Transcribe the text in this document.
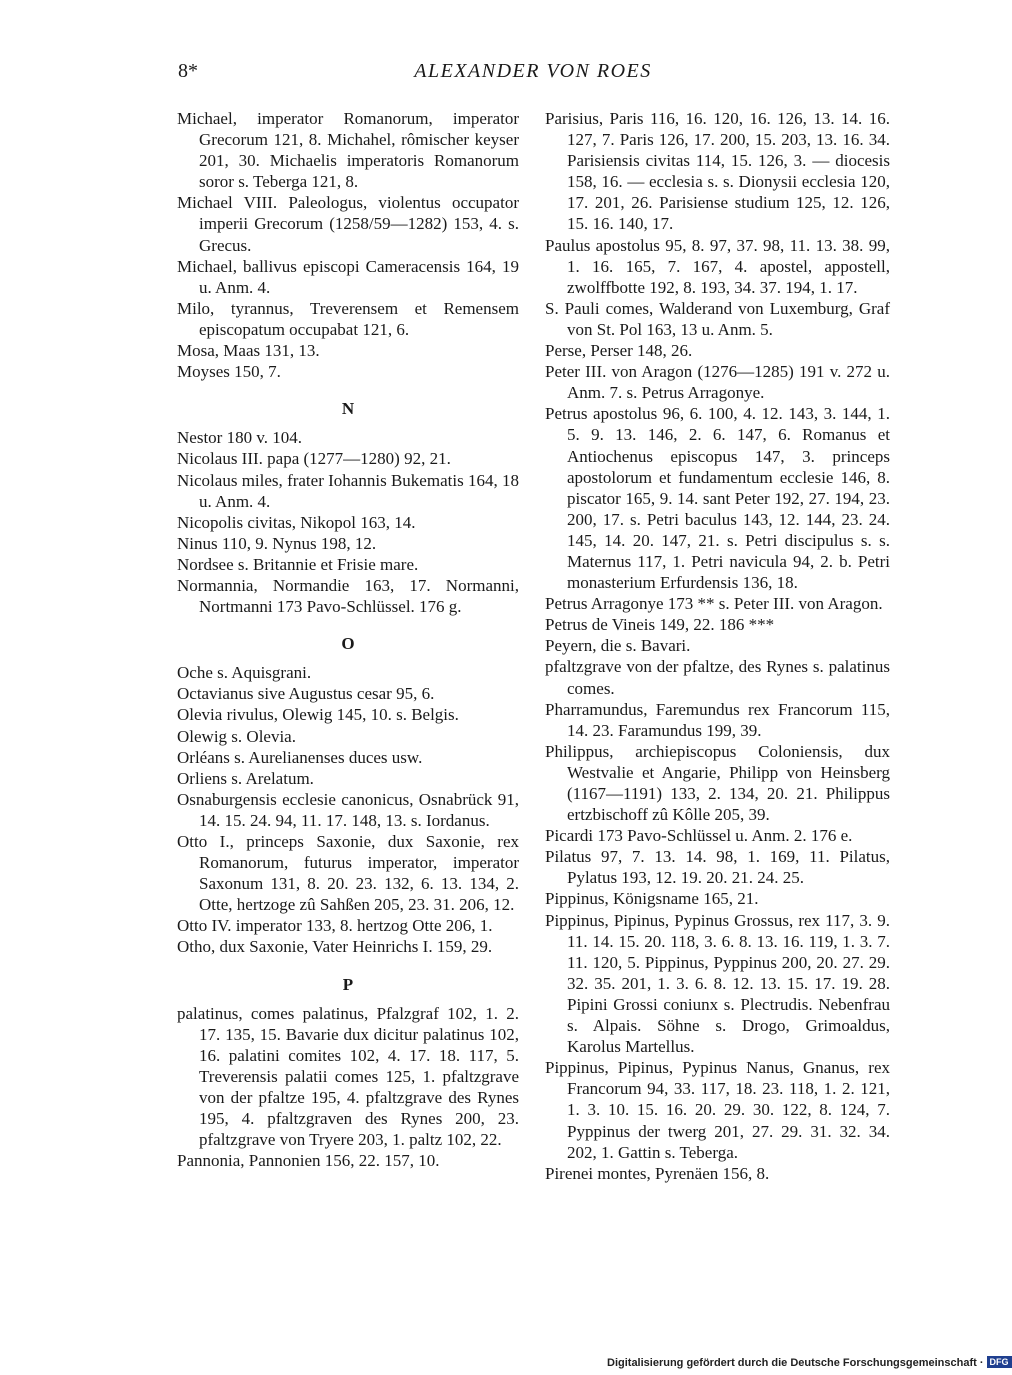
8*	ALEXANDER VON ROES
Michael, imperator Romanorum, imperator Grecorum 121, 8. Michahel, rômischer keyser 201, 30. Michaelis imperatoris Romanorum soror s. Teberga 121, 8.
Michael VIII. Paleologus, violentus occupator imperii Grecorum (1258/59—1282) 153, 4. s. Grecus.
Michael, ballivus episcopi Cameracensis 164, 19 u. Anm. 4.
Milo, tyrannus, Treverensem et Remensem episcopatum occupabat 121, 6.
Mosa, Maas 131, 13.
Moyses 150, 7.
N
Nestor 180 v. 104.
Nicolaus III. papa (1277—1280) 92, 21.
Nicolaus miles, frater Iohannis Bukematis 164, 18 u. Anm. 4.
Nicopolis civitas, Nikopol 163, 14.
Ninus 110, 9. Nynus 198, 12.
Nordsee s. Britannie et Frisie mare.
Normannia, Normandie 163, 17. Normanni, Nortmanni 173 Pavo-Schlüssel. 176 g.
O
Oche s. Aquisgrani.
Octavianus sive Augustus cesar 95, 6.
Olevia rivulus, Olewig 145, 10. s. Belgis.
Olewig s. Olevia.
Orléans s. Aurelianenses duces usw.
Orliens s. Arelatum.
Osnaburgensis ecclesie canonicus, Osnabrück 91, 14. 15. 24. 94, 11. 17. 148, 13. s. Iordanus.
Otto I., princeps Saxonie, dux Saxonie, rex Romanorum, futurus imperator, imperator Saxonum 131, 8. 20. 23. 132, 6. 13. 134, 2. Otte, hertzoge zû Sahßen 205, 23. 31. 206, 12.
Otto IV. imperator 133, 8. hertzog Otte 206, 1.
Otho, dux Saxonie, Vater Heinrichs I. 159, 29.
P
palatinus, comes palatinus, Pfalzgraf 102, 1. 2. 17. 135, 15. Bavarie dux dicitur palatinus 102, 16. palatini comites 102, 4. 17. 18. 117, 5. Treverensis palatii comes 125, 1. pfaltzgrave von der pfaltze 195, 4. pfaltzgrave des Rynes 195, 4. pfaltzgraven des Rynes 200, 23. pfaltzgrave von Tryere 203, 1. paltz 102, 22.
Pannonia, Pannonien 156, 22. 157, 10.
Parisius, Paris 116, 16. 120, 16. 126, 13. 14. 16. 127, 7. Paris 126, 17. 200, 15. 203, 13. 16. 34. Parisiensis civitas 114, 15. 126, 3. — diocesis 158, 16. — ecclesia s. s. Dionysii ecclesia 120, 17. 201, 26. Parisiense studium 125, 12. 126, 15. 16. 140, 17.
Paulus apostolus 95, 8. 97, 37. 98, 11. 13. 38. 99, 1. 16. 165, 7. 167, 4. apostel, appostell, zwolffbotte 192, 8. 193, 34. 37. 194, 1. 17.
S. Pauli comes, Walderand von Luxemburg, Graf von St. Pol 163, 13 u. Anm. 5.
Perse, Perser 148, 26.
Peter III. von Aragon (1276—1285) 191 v. 272 u. Anm. 7. s. Petrus Arragonye.
Petrus apostolus 96, 6. 100, 4. 12. 143, 3. 144, 1. 5. 9. 13. 146, 2. 6. 147, 6. Romanus et Antiochenus episcopus 147, 3. princeps apostolorum et fundamentum ecclesie 146, 8. piscator 165, 9. 14. sant Peter 192, 27. 194, 23. 200, 17. s. Petri baculus 143, 12. 144, 23. 24. 145, 14. 20. 147, 21. s. Petri discipulus s. s. Maternus 117, 1. Petri navicula 94, 2. b. Petri monasterium Erfurdensis 136, 18.
Petrus Arragonye 173 ** s. Peter III. von Aragon.
Petrus de Vineis 149, 22. 186 ***
Peyern, die s. Bavari.
pfaltzgrave von der pfaltze, des Rynes s. palatinus comes.
Pharramundus, Faremundus rex Francorum 115, 14. 23. Faramundus 199, 39.
Philippus, archiepiscopus Coloniensis, dux Westvalie et Angarie, Philipp von Heinsberg (1167—1191) 133, 2. 134, 20. 21. Philippus ertzbischoff zû Kôlle 205, 39.
Picardi 173 Pavo-Schlüssel u. Anm. 2. 176 e.
Pilatus 97, 7. 13. 14. 98, 1. 169, 11. Pilatus, Pylatus 193, 12. 19. 20. 21. 24. 25.
Pippinus, Königsname 165, 21.
Pippinus, Pipinus, Pypinus Grossus, rex 117, 3. 9. 11. 14. 15. 20. 118, 3. 6. 8. 13. 16. 119, 1. 3. 7. 11. 120, 5. Pippinus, Pyppinus 200, 20. 27. 29. 32. 35. 201, 1. 3. 6. 8. 12. 13. 15. 17. 19. 28. Pipini Grossi coniunx s. Plectrudis. Nebenfrau s. Alpais. Söhne s. Drogo, Grimoaldus, Karolus Martellus.
Pippinus, Pipinus, Pypinus Nanus, Gnanus, rex Francorum 94, 33. 117, 18. 23. 118, 1. 2. 121, 1. 3. 10. 15. 16. 20. 29. 30. 122, 8. 124, 7. Pyppinus der twerg 201, 27. 29. 31. 32. 34. 202, 1. Gattin s. Teberga.
Pirenei montes, Pyrenäen 156, 8.
Digitalisierung gefördert durch die Deutsche Forschungsgemeinschaft · DFG
